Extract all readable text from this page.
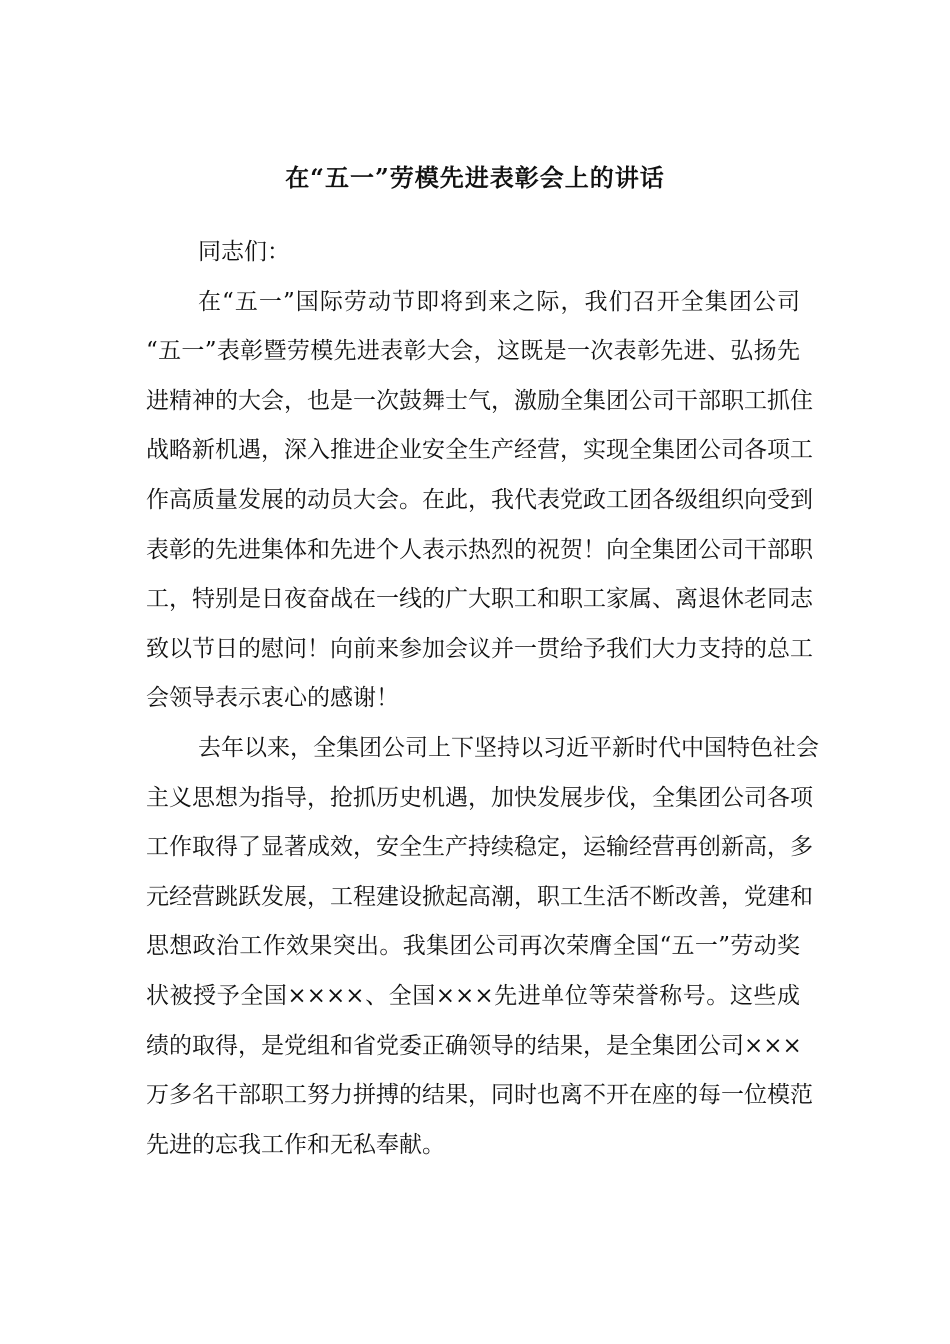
在“五一”劳模先进表彰会上的讲话
同志们：
在“五一”国际劳动节即将到来之际，我们召开全集团公司
“五一”表彰暨劳模先进表彰大会，这既是一次表彰先进、弘扬先
进精神的大会，也是一次鼓舞士气，激励全集团公司干部职工抓住
战略新机遇，深入推进企业安全生产经营，实现全集团公司各项工
作高质量发展的动员大会。在此，我代表党政工团各级组织向受到
表彰的先进集体和先进个人表示热烈的祝贺！向全集团公司干部职
工，特别是日夜奋战在一线的广大职工和职工家属、离退休老同志
致以节日的慰问！向前来参加会议并一贯给予我们大力支持的总工
会领导表示衷心的感谢！
去年以来，全集团公司上下坚持以习近平新时代中国特色社会
主义思想为指导，抢抓历史机遇，加快发展步伐，全集团公司各项
工作取得了显著成效，安全生产持续稳定，运输经营再创新高，多
元经营跳跃发展，工程建设掀起高潮，职工生活不断改善，党建和
思想政治工作效果突出。我集团公司再次荣膺全国“五一”劳动奖
状被授予全国××××、全国×××先进单位等荣誉称号。这些成
绩的取得，是党组和省党委正确领导的结果，是全集团公司×××
万多名干部职工努力拼搏的结果，同时也离不开在座的每一位模范
先进的忘我工作和无私奉献。
